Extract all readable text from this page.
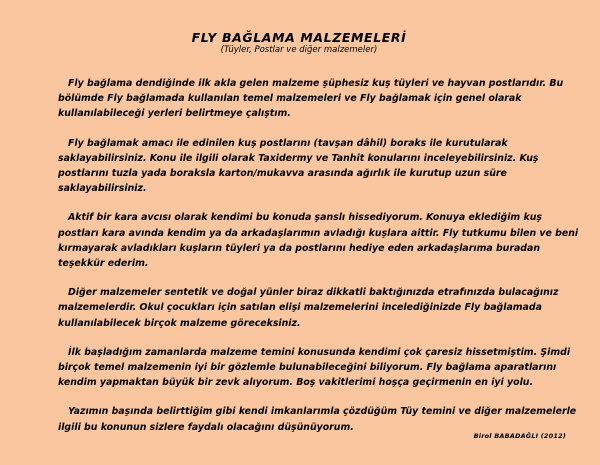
FLY BAĞLAMA MALZEMELERİ
(Tüyler, Postlar ve diğer malzemeler)

Fly bağlama dendiğinde ilk akla gelen malzeme şüphesiz kuş tüyleri ve hayvan postlarıdır. Bu bölümde Fly bağlamada kullanılan temel malzemeleri ve Fly bağlamak için genel olarak kullanılabileceği yerleri belirtmeye çalıştım.

Fly bağlamak amacı ile edinilen kuş postlarını (tavşan dâhil) boraks ile kurutularak saklayabilirsiniz. Konu ile ilgili olarak Taxidermy ve Tanhit konularını inceleyebilirsiniz. Kuş postlarını tuzla yada boraksla karton/mukavva arasında ağırlık ile kurutup uzun süre saklayabilirsiniz.

Aktif bir kara avcısı olarak kendimi bu konuda şanslı hissediyorum. Konuya eklediğim kuş postları kara avında kendim ya da arkadaşlarımın avladığı kuşlara aittir. Fly tutkumu bilen ve beni kırmayarak avladıkları kuşların tüyleri ya da postlarını hediye eden arkadaşlarıma buradan teşekkür ederim.

Diğer malzemeler sentetik ve doğal yünler biraz dikkatli baktığınızda etrafınızda bulacağınız malzemelerdir. Okul çocukları için satılan elişi malzemelerini incelediğinizde Fly bağlamada kullanılabilecek birçok malzeme göreceksiniz.

İlk başladığım zamanlarda malzeme temini konusunda kendimi çok çaresiz hissetmiştim. Şimdi birçok temel malzemenin iyi bir gözlemle bulunabileceğini biliyorum. Fly bağlama aparatlarını kendim yapmaktan büyük bir zevk alıyorum. Boş vakitlerimi hoşça geçirmenin en iyi yolu.

Yazımın başında belirttiğim gibi kendi imkanlarımla çözdüğüm Tüy temini ve diğer malzemelerle ilgili bu konunun sizlere faydalı olacağını düşünüyorum.

Birol BABADAĞLI (2012)
